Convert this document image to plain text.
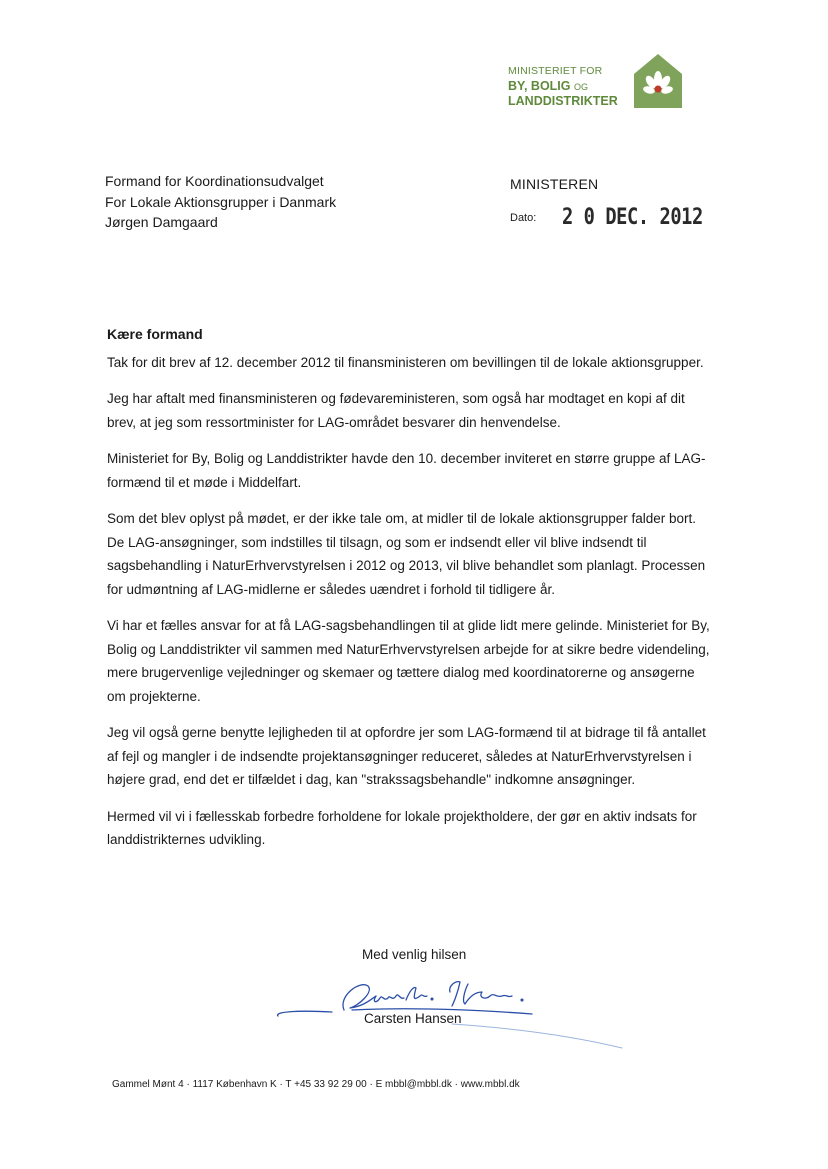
MINISTERIET FOR
BY, BOLIG OG
LANDDISTRIKTER
Formand for Koordinationsudvalget
For Lokale Aktionsgrupper i Danmark
Jørgen Damgaard
MINISTEREN
Dato: 2 0 DEC. 2012
Kære formand

Tak for dit brev af 12. december 2012 til finansministeren om bevillingen til de lokale aktionsgrupper.

Jeg har aftalt med finansministeren og fødevareministeren, som også har modtaget en kopi af dit brev, at jeg som ressortminister for LAG-området besvarer din henvendelse.

Ministeriet for By, Bolig og Landdistrikter havde den 10. december inviteret en større gruppe af LAG-formænd til et møde i Middelfart.

Som det blev oplyst på mødet, er der ikke tale om, at midler til de lokale aktionsgrupper falder bort. De LAG-ansøgninger, som indstilles til tilsagn, og som er indsendt eller vil blive indsendt til sagsbehandling i NaturErhvervstyrelsen i 2012 og 2013, vil blive behandlet som planlagt. Processen for udmøntning af LAG-midlerne er således uændret i forhold til tidligere år.

Vi har et fælles ansvar for at få LAG-sagsbehandlingen til at glide lidt mere gelinde. Ministeriet for By, Bolig og Landdistrikter vil sammen med NaturErhvervstyrelsen arbejde for at sikre bedre videndeling, mere brugervenlige vejledninger og skemaer og tættere dialog med koordinatorerne og ansøgerne om projekterne.

Jeg vil også gerne benytte lejligheden til at opfordre jer som LAG-formænd til at bidrage til få antallet af fejl og mangler i de indsendte projektansøgninger reduceret, således at NaturErhvervstyrelsen i højere grad, end det er tilfældet i dag, kan "strakssagsbehandle" indkomne ansøgninger.

Hermed vil vi i fællesskab forbedre forholdene for lokale projektholdere, der gør en aktiv indsats for landdistrikternes udvikling.

Med venlig hilsen
Carsten Hansen
Gammel Mønt 4 · 1117 København K · T +45 33 92 29 00 · E mbbl@mbbl.dk · www.mbbl.dk
